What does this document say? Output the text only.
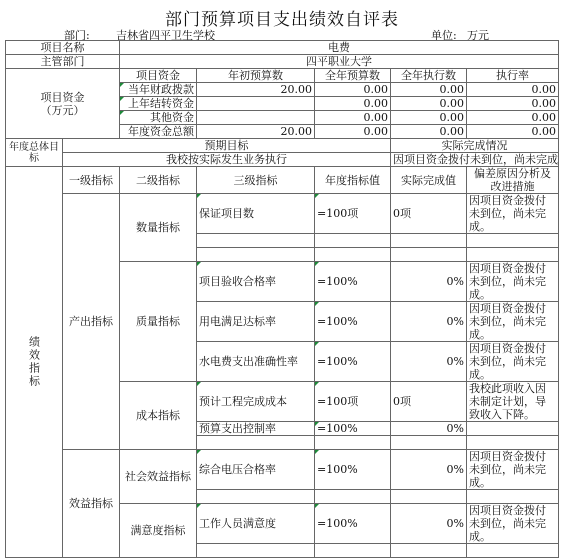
部门预算项目支出绩效自评表
部门: 吉林省四平卫生学校	单位: 万元
项目名称		电费				
主管部门		四平职业大学				
项目资金
（万元）		项目资金	年初预算数	全年预算数	全年执行数	执行率
		当年财政拨款	20.00	0.00	0.00	0.00
		上年结转资金		0.00	0.00	0.00
		其他资金		0.00	0.00	0.00
		年度资金总额	20.00	0.00	0.00	0.00
年度总体目标	预期目标				实际完成情况	
	我校按实际发生业务执行				因项目资金拨付未到位，尚未完成	

绩效指标	一级指标	二级指标	三级指标	年度指标值	实际完成值	偏差原因分析及改进措施
	产出指标	数量指标	保证项目数	=100项	0项	因项目资金拨付未到位，尚未完成。

		质量指标	项目验收合格率	=100%	0%	因项目资金拨付未到位，尚未完成。
			用电满足达标率	=100%	0%	因项目资金拨付未到位，尚未完成。
			水电费支出准确性率	=100%	0%	因项目资金拨付未到位，尚未完成。
		成本指标	预计工程完成成本	=100项	0项	我校此项收入因未制定计划，导致收入下降。
			预算支出控制率	=100%	0%	

	效益指标	社会效益指标	综合电压合格率	=100%	0%	因项目资金拨付未到位，尚未完成。

		满意度指标	工作人员满意度	=100%	0%	因项目资金拨付未到位，尚未完成。
